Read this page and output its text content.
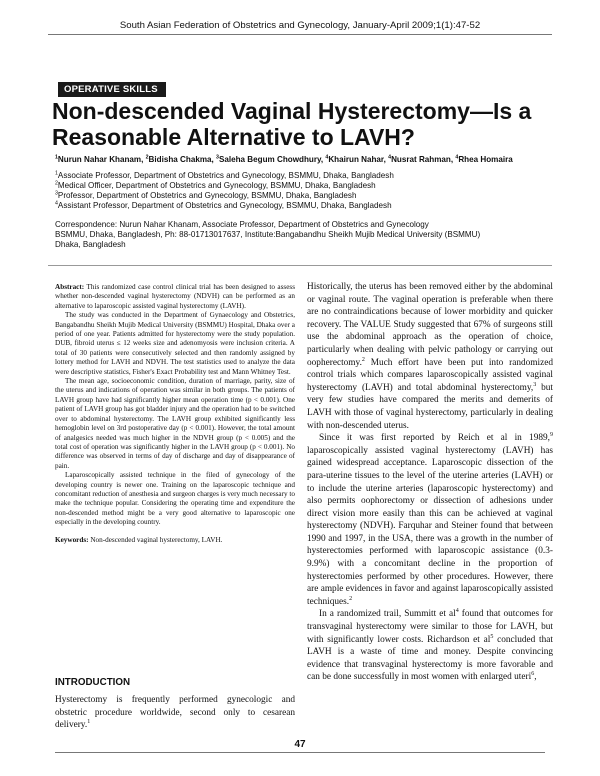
South Asian Federation of Obstetrics and Gynecology, January-April 2009;1(1):47-52
OPERATIVE SKILLS
Non-descended Vaginal Hysterectomy—Is a Reasonable Alternative to LAVH?
$^1$Nurun Nahar Khanam, $^2$Bidisha Chakma, $^3$Saleha Begum Chowdhury, $^4$Khairun Nahar, $^4$Nusrat Rahman, $^4$Rhea Homaira
$^1$Associate Professor, Department of Obstetrics and Gynecology, BSMMU, Dhaka, Bangladesh
$^2$Medical Officer, Department of Obstetrics and Gynecology, BSMMU, Dhaka, Bangladesh
$^3$Professor, Department of Obstetrics and Gynecology, BSMMU, Dhaka, Bangladesh
$^4$Assistant Professor, Department of Obstetrics and Gynecology, BSMMU, Dhaka, Bangladesh
Correspondence: Nurun Nahar Khanam, Associate Professor, Department of Obstetrics and Gynecology
BSMMU, Dhaka, Bangladesh, Ph: 88-01713017637, Institute:Bangabandhu Sheikh Mujib Medical University (BSMMU)
Dhaka, Bangladesh

Abstract: This randomized case control clinical trial has been designed to assess whether non-descended vaginal hysterectomy (NDVH) can be performed as an alternative to laparoscopic assisted vaginal hysterectomy (LAVH).

The study was conducted in the Department of Gynaecology and Obstetrics, Bangabandhu Sheikh Mujib Medical University (BSMMU) Hospital, Dhaka over a period of one year. Patients admitted for hysterectomy were the study population. DUB, fibroid uterus ≤ 12 weeks size and adenomyosis were inclusion criteria. A total of 30 patients were consecutively selected and then randomly assigned by lottery method for LAVH and NDVH. The test statistics used to analyze the data were descriptive statistics, Fisher's Exact Probability test and Mann Whitney Test.

The mean age, socioeconomic condition, duration of marriage, parity, size of the uterus and indications of operation was similar in both groups. The patients of LAVH group have had significantly higher mean operation time (p < 0.001). One patient of LAVH group has got bladder injury and the operation had to be switched over to abdominal hysterectomy. The LAVH group exhibited significantly less hemoglobin level on 3rd postoperative day (p < 0.001). However, the total amount of analgesics needed was much higher in the NDVH group (p < 0.005) and the total cost of operation was significantly higher in the LAVH group (p < 0.001). No difference was observed in terms of day of discharge and day of disappearance of pain.

Laparoscopically assisted technique in the filed of gynecology of the developing country is newer one. Training on the laparoscopic technique and concomitant reduction of anesthesia and surgeon charges is very much necessary to make the technique popular. Considering the operating time and expenditure the non-descended method might be a very good alternative to laparoscopic one especially in the developing country.

Keywords: Non-descended vaginal hysterectomy, LAVH.

INTRODUCTION
Hysterectomy is frequently performed gynecologic and obstetric procedure worldwide, second only to cesarean delivery.$^1$

Historically, the uterus has been removed either by the abdominal or vaginal route. The vaginal operation is preferable when there are no contraindications because of lower morbidity and quicker recovery. The VALUE Study suggested that 67% of surgeons still use the abdominal approach as the operation of choice, particularly when dealing with pelvic pathology or carrying out oopherectomy.$^2$ Much effort have been put into randomized control trials which compares laparoscopically assisted vaginal hysterectomy (LAVH) and total abdominal hysterectomy,$^3$ but very few studies have compared the merits and demerits of LAVH with those of vaginal hysterectomy, particularly in dealing with non-descended uterus.

Since it was first reported by Reich et al in 1989,$^9$ laparoscopically assisted vaginal hysterectomy (LAVH) has gained widespread acceptance. Laparoscopic dissection of the para-uterine tissues to the level of the uterine arteries (LAVH) or to include the uterine arteries (laparoscopic hysterectomy) and also permits oophorectomy or dissection of adhesions under direct vision more easily than this can be achieved at vaginal hysterectomy (NDVH). Farquhar and Steiner found that between 1990 and 1997, in the USA, there was a growth in the number of hysterectomies performed with laparoscopic assistance (0.3-9.9%) with a concomitant decline in the proportion of hysterectomies performed by other procedures. However, there are ample evidences in favor and against laparoscopically assisted techniques.$^2$

In a randomized trail, Summitt et $al^4$ found that outcomes for transvaginal hysterectomy were similar to those for LAVH, but with significantly lower costs. Richardson et $al^5$ concluded that LAVH is a waste of time and money. Despite convincing evidence that transvaginal hysterectomy is more favorable and can be done successfully in most women with enlarged uteri$^6$,

47
